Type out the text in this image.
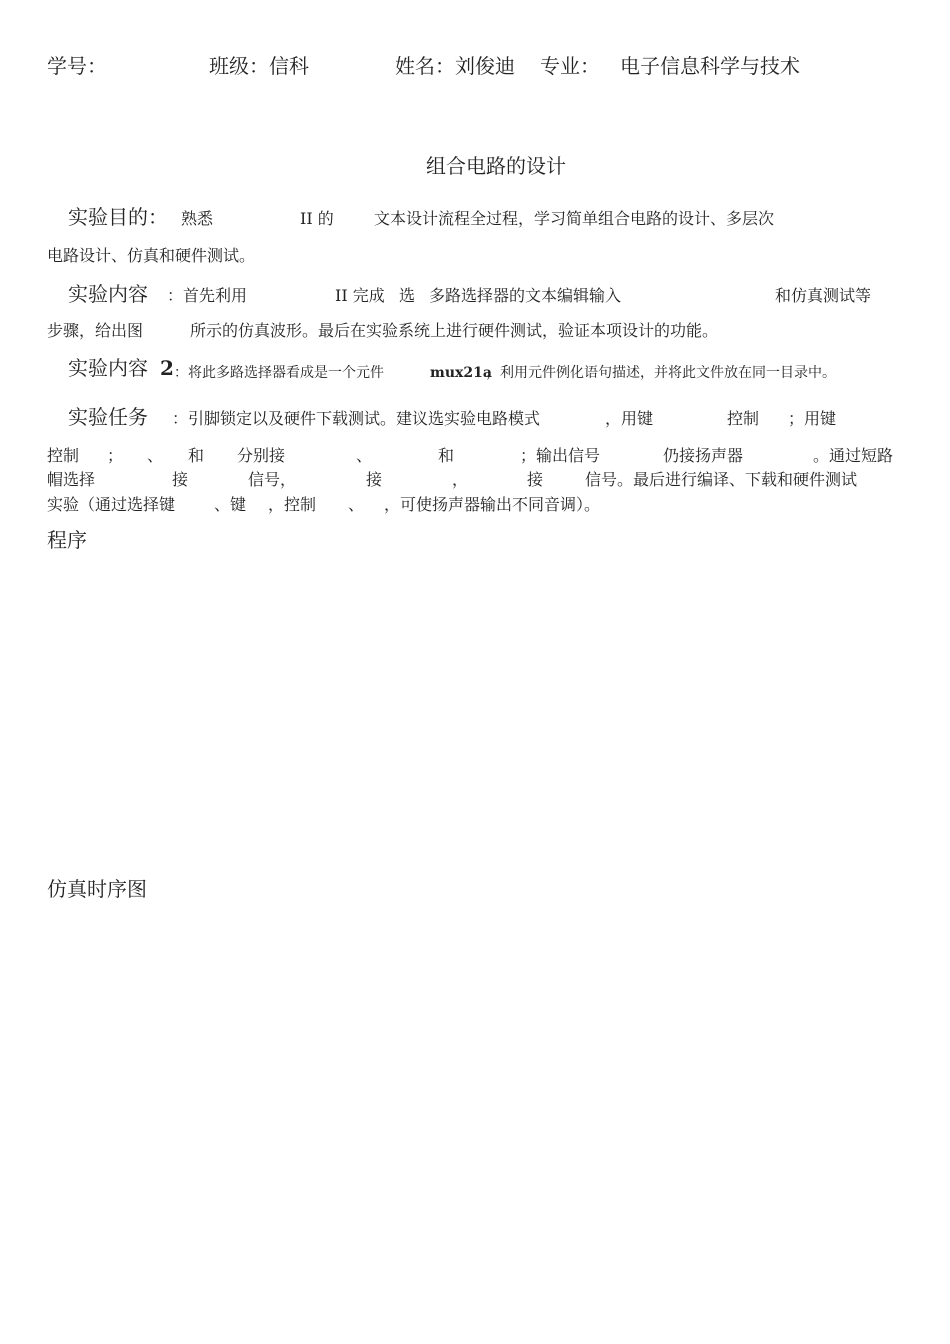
学号：	班级：信科	姓名：刘俊迪 专业： 电子信息科学与技术
组合电路的设计
实验目的： 熟悉	II 的	文本设计流程全过程，学习简单组合电路的设计、多层次
电路设计、仿真和硬件测试。
实验内容 ：首先利用	II 完成 选 多路选择器的文本编辑输入	和仿真测试等
步骤，给出图	所示的仿真波形。最后在实验系统上进行硬件测试，验证本项设计的功能。
实验内容 2 ：将此多路选择器看成是一个元件	mux21a
，利用元件例化语句描述，并将此文件放在同一目录中。
实验任务 ：引脚锁定以及硬件下载测试。建议选实验电路模式	，用键	控制 ；用键
控制 ； 、 和 分别接	、	和	；输出信号	仍接扬声器	。通过短路
帽选择	接	信号，	接	，	接	信号。最后进行编译、下载和硬件测试
实验（通过选择键 、键 ，控制 、 ，可使扬声器输出不同音调）。
程序
仿真时序图
